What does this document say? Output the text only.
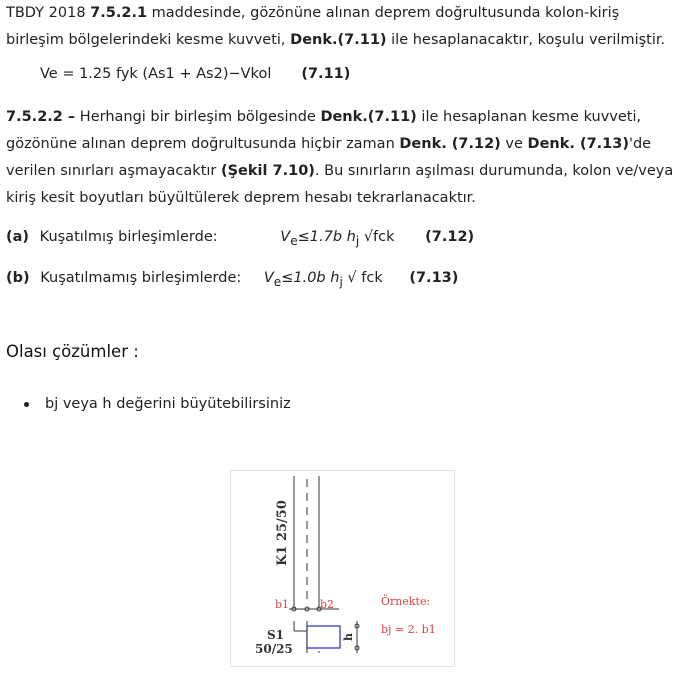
TBDY 2018 7.5.2.1 maddesinde, gözönüne alınan deprem doğrultusunda kolon-kiriş birleşim bölgelerindeki kesme kuvveti, Denk.(7.11) ile hesaplanacaktır, koşulu verilmiştir.

Ve = 1.25 fyk (As1 + As2)−Vkol (7.11)

7.5.2.2 – Herhangi bir birleşim bölgesinde Denk.(7.11) ile hesaplanan kesme kuvveti, gözönüne alınan deprem doğrultusunda hiçbir zaman Denk. (7.12) ve Denk. (7.13)'de verilen sınırları aşmayacaktır (Şekil 7.10). Bu sınırların aşılması durumunda, kolon ve/veya kiriş kesit boyutları büyültülerek deprem hesabı tekrarlanacaktır.

(a) Kuşatılmış birleşimlerde:	$V_e\le 1.7b$ $h_j$ √fck (7.12)
(b) Kuşatılmamış birleşimlerde: $V_e\le 1.0b$ $h_j$ √ fck (7.13)
Olası çözümler :
bj veya h değerini büyütebilirsiniz
K1 25/50
b1	b2
h
S1
50/25
Örnekte:
bj = 2. b1
